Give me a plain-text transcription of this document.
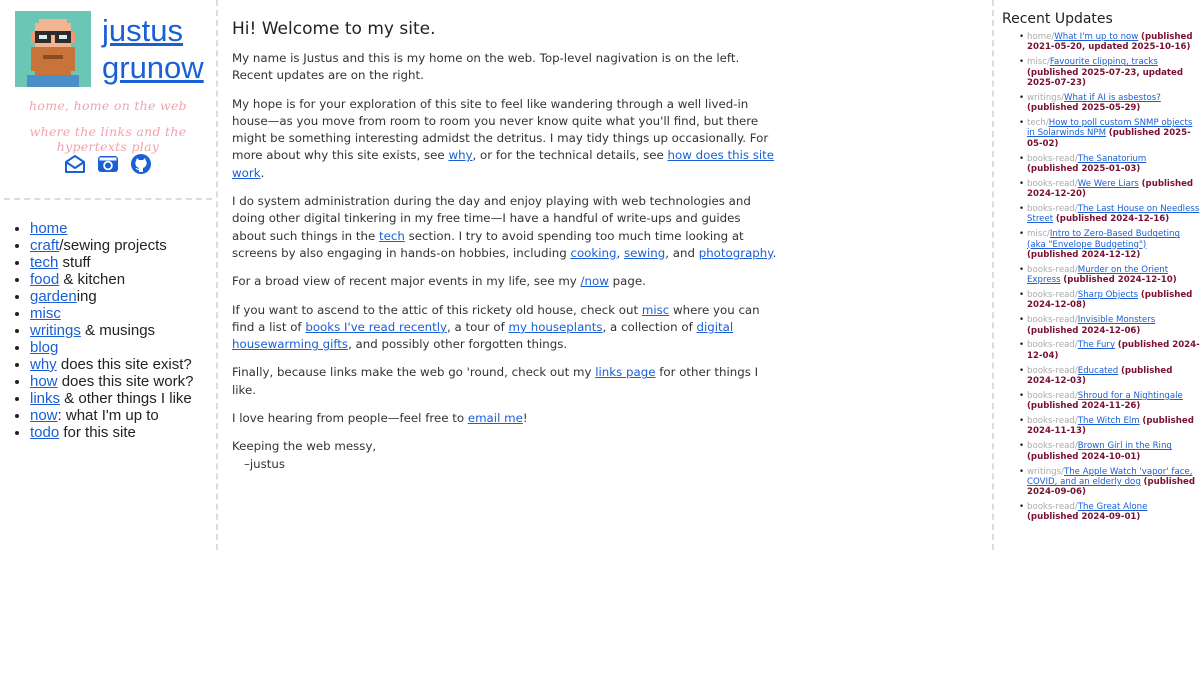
justus
grunow
home, home on the web
where the links and the hypertexts play
• home
• craft/sewing projects
• tech stuff
• food & kitchen
• gardening
• misc
• writings & musings
• blog
• why does this site exist?
• how does this site work?
• links & other things I like
• now: what I'm up to
• todo for this site
Hi! Welcome to my site.

My name is Justus and this is my home on the web. Top-level nagivation is on the left. Recent updates are on the right.

My hope is for your exploration of this site to feel like wandering through a well lived-in house—as you move from room to room you never know quite what you'll find, but there might be something interesting admidst the detritus. I may tidy things up occasionally. For more about why this site exists, see why, or for the technical details, see how does this site work.

I do system administration during the day and enjoy playing with web technologies and doing other digital tinkering in my free time—I have a handful of write-ups and guides about such things in the tech section. I try to avoid spending too much time looking at screens by also engaging in hands-on hobbies, including cooking, sewing, and photography.

For a broad view of recent major events in my life, see my /now page.

If you want to ascend to the attic of this rickety old house, check out misc where you can find a list of books I've read recently, a tour of my houseplants, a collection of digital housewarming gifts, and possibly other forgotten things.

Finally, because links make the web go 'round, check out my links page for other things I like.

I love hearing from people—feel free to email me!

Keeping the web messy,
–justus
Recent Updates
• home/What I'm up to now (published 2021-05-20, updated 2025-10-16)
• misc/Favourite clipping, tracks (published 2025-07-23, updated 2025-07-23)
• writings/What if AI is asbestos? (published 2025-05-29)
• tech/How to poll custom SNMP objects in Solarwinds NPM (published 2025-05-02)
• books-read/The Sanatorium (published 2025-01-03)
• books-read/We Were Liars (published 2024-12-20)
• books-read/The Last House on Needless Street (published 2024-12-16)
• misc/Intro to Zero-Based Budgeting (aka "Envelope Budgeting") (published 2024-12-12)
• books-read/Murder on the Orient Express (published 2024-12-10)
• books-read/Sharp Objects (published 2024-12-08)
• books-read/Invisible Monsters (published 2024-12-06)
• books-read/The Fury (published 2024-12-04)
• books-read/Educated (published 2024-12-03)
• books-read/Shroud for a Nightingale (published 2024-11-26)
• books-read/The Witch Elm (published 2024-11-13)
• books-read/Brown Girl in the Ring (published 2024-10-01)
• writings/The Apple Watch 'vapor' face, COVID, and an elderly dog (published 2024-09-06)
• books-read/The Great Alone (published 2024-09-01)
